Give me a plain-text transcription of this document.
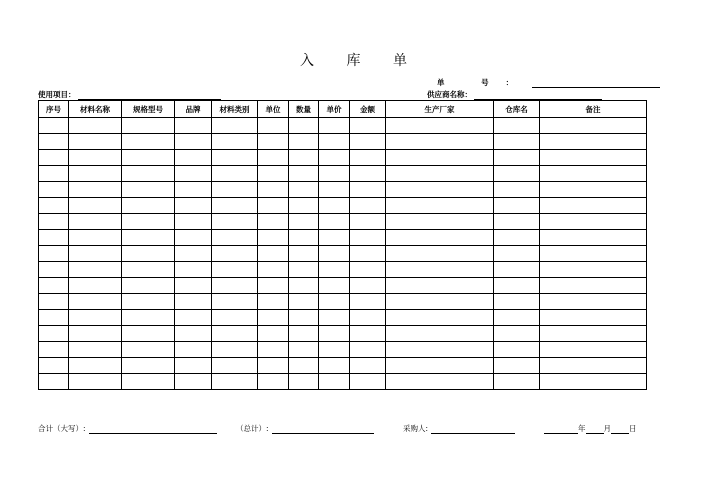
入 库 单
单 号：
使用项目：	供应商名称：
序号	材料名称	规格型号	品牌	材料类别	单位	数量	单价	金额	生产厂家	仓库名	备注

合计（大写）:	（总计）:	采购人:	年 月 日
